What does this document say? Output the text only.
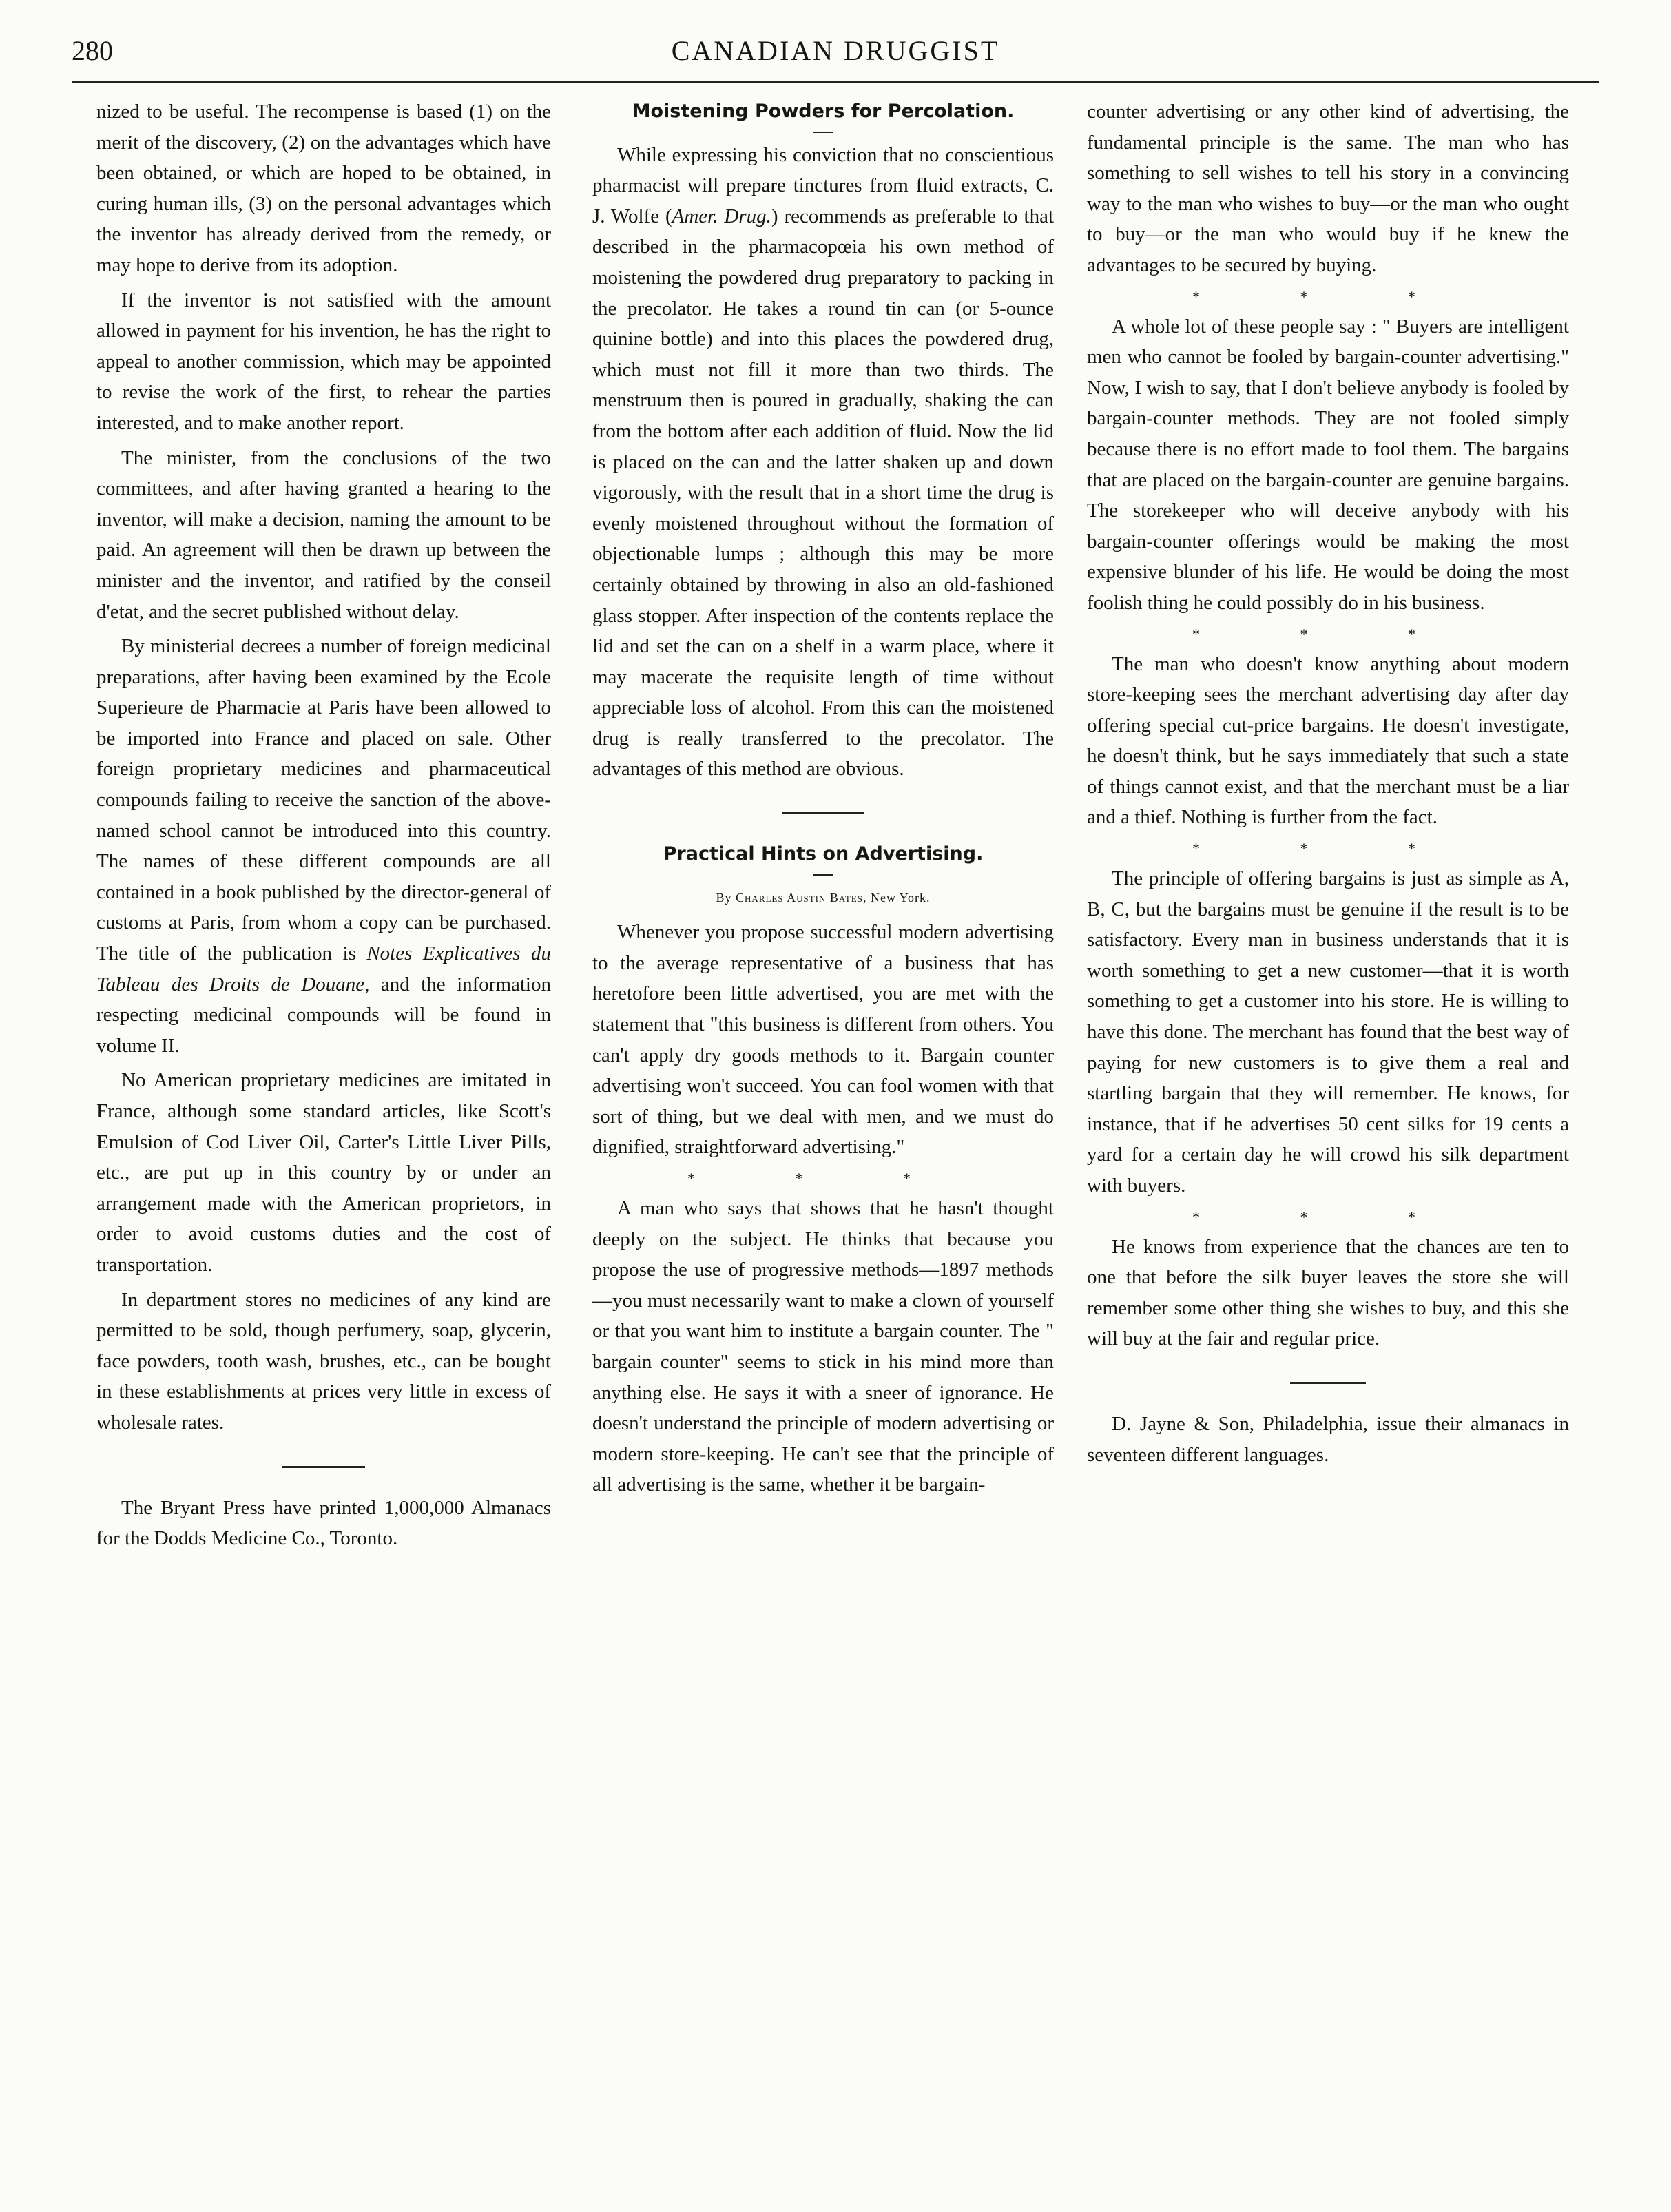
280	CANADIAN DRUGGIST

nized to be useful. The recompense is based (1) on the merit of the discovery, (2) on the advantages which have been obtained, or which are hoped to be obtained, in curing human ills, (3) on the personal advantages which the inventor has already derived from the remedy, or may hope to derive from its adoption.

If the inventor is not satisfied with the amount allowed in payment for his invention, he has the right to appeal to another commission, which may be appointed to revise the work of the first, to rehear the parties interested, and to make another report.

The minister, from the conclusions of the two committees, and after having granted a hearing to the inventor, will make a decision, naming the amount to be paid. An agreement will then be drawn up between the minister and the inventor, and ratified by the conseil d'etat, and the secret published without delay.

By ministerial decrees a number of foreign medicinal preparations, after having been examined by the Ecole Superieure de Pharmacie at Paris have been allowed to be imported into France and placed on sale. Other foreign proprietary medicines and pharmaceutical compounds failing to receive the sanction of the above-named school cannot be introduced into this country. The names of these different compounds are all contained in a book published by the director-general of customs at Paris, from whom a copy can be purchased. The title of the publication is Notes Explicatives du Tableau des Droits de Douane, and the information respecting medicinal compounds will be found in volume II.

No American proprietary medicines are imitated in France, although some standard articles, like Scott's Emulsion of Cod Liver Oil, Carter's Little Liver Pills, etc., are put up in this country by or under an arrangement made with the American proprietors, in order to avoid customs duties and the cost of transportation.

In department stores no medicines of any kind are permitted to be sold, though perfumery, soap, glycerin, face powders, tooth wash, brushes, etc., can be bought in these establishments at prices very little in excess of wholesale rates.

The Bryant Press have printed 1,000,000 Almanacs for the Dodds Medicine Co., Toronto.

Moistening Powders for Percolation.

While expressing his conviction that no conscientious pharmacist will prepare tinctures from fluid extracts, C. J. Wolfe (Amer. Drug.) recommends as preferable to that described in the pharmacopœia his own method of moistening the powdered drug preparatory to packing in the precolator. He takes a round tin can (or 5-ounce quinine bottle) and into this places the powdered drug, which must not fill it more than two thirds. The menstruum then is poured in gradually, shaking the can from the bottom after each addition of fluid. Now the lid is placed on the can and the latter shaken up and down vigorously, with the result that in a short time the drug is evenly moistened throughout without the formation of objectionable lumps ; although this may be more certainly obtained by throwing in also an old-fashioned glass stopper. After inspection of the contents replace the lid and set the can on a shelf in a warm place, where it may macerate the requisite length of time without appreciable loss of alcohol. From this can the moistened drug is really transferred to the precolator. The advantages of this method are obvious.

Practical Hints on Advertising.
By Charles Austin Bates, New York.

Whenever you propose successful modern advertising to the average representative of a business that has heretofore been little advertised, you are met with the statement that "this business is different from others. You can't apply dry goods methods to it. Bargain counter advertising won't succeed. You can fool women with that sort of thing, but we deal with men, and we must do dignified, straightforward advertising."

* * *

A man who says that shows that he hasn't thought deeply on the subject. He thinks that because you propose the use of progressive methods—1897 methods—you must necessarily want to make a clown of yourself or that you want him to institute a bargain counter. The " bargain counter" seems to stick in his mind more than anything else. He says it with a sneer of ignorance. He doesn't understand the principle of modern advertising or modern store-keeping. He can't see that the principle of all advertising is the same, whether it be bargain-

counter advertising or any other kind of advertising, the fundamental principle is the same. The man who has something to sell wishes to tell his story in a convincing way to the man who wishes to buy—or the man who ought to buy—or the man who would buy if he knew the advantages to be secured by buying.

* * *

A whole lot of these people say : " Buyers are intelligent men who cannot be fooled by bargain-counter advertising." Now, I wish to say, that I don't believe anybody is fooled by bargain-counter methods. They are not fooled simply because there is no effort made to fool them. The bargains that are placed on the bargain-counter are genuine bargains. The storekeeper who will deceive anybody with his bargain-counter offerings would be making the most expensive blunder of his life. He would be doing the most foolish thing he could possibly do in his business.

* * *

The man who doesn't know anything about modern store-keeping sees the merchant advertising day after day offering special cut-price bargains. He doesn't investigate, he doesn't think, but he says immediately that such a state of things cannot exist, and that the merchant must be a liar and a thief. Nothing is further from the fact.

* * *

The principle of offering bargains is just as simple as A, B, C, but the bargains must be genuine if the result is to be satisfactory. Every man in business understands that it is worth something to get a new customer—that it is worth something to get a customer into his store. He is willing to have this done. The merchant has found that the best way of paying for new customers is to give them a real and startling bargain that they will remember. He knows, for instance, that if he advertises 50 cent silks for 19 cents a yard for a certain day he will crowd his silk department with buyers.

* * *

He knows from experience that the chances are ten to one that before the silk buyer leaves the store she will remember some other thing she wishes to buy, and this she will buy at the fair and regular price.

D. Jayne & Son, Philadelphia, issue their almanacs in seventeen different languages.
